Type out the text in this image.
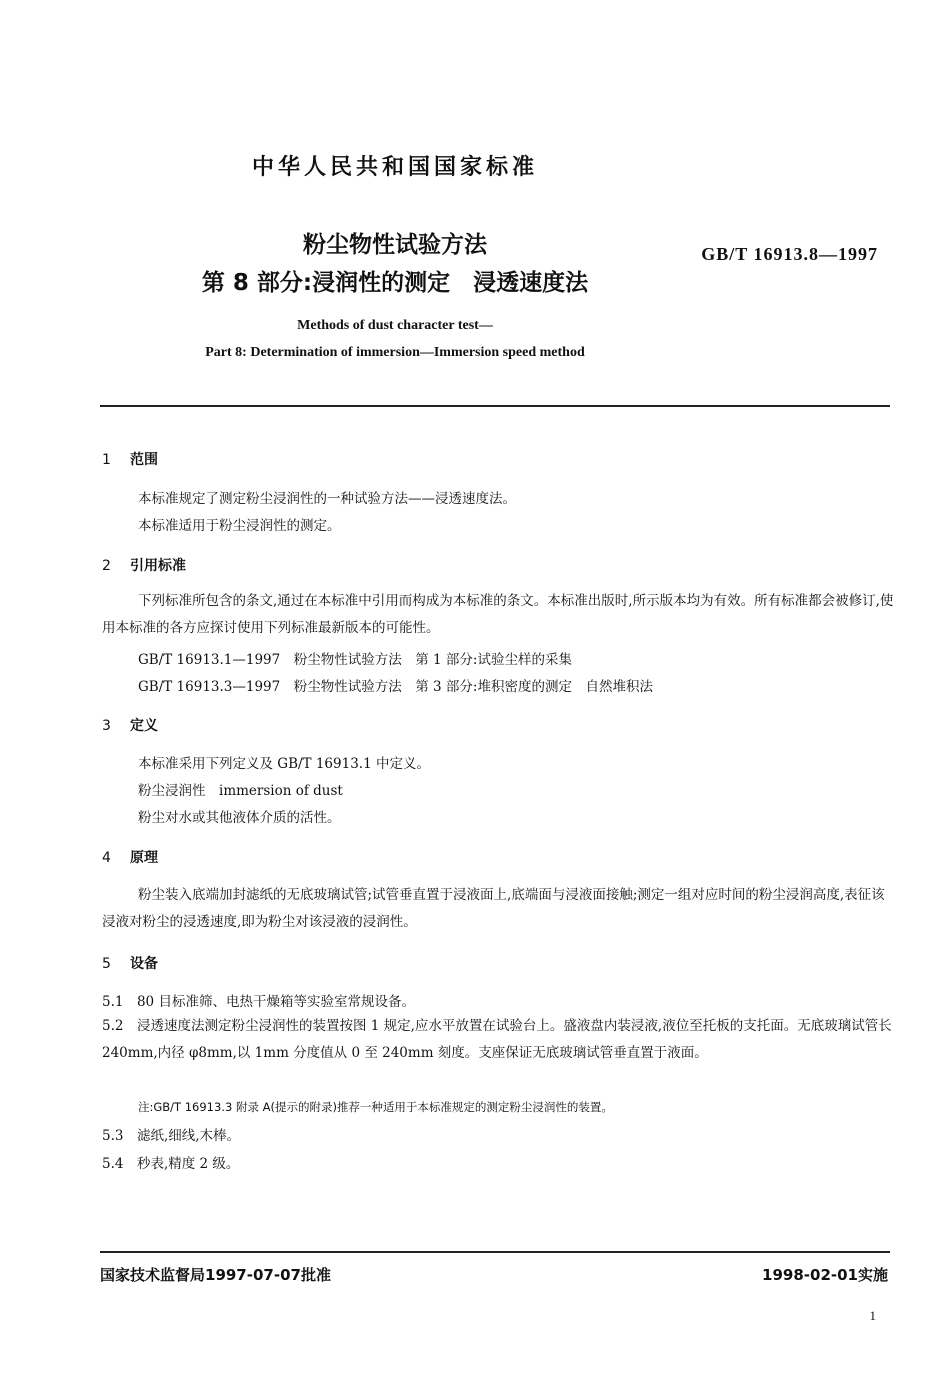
中华人民共和国国家标准
粉尘物性试验方法
第 8 部分:浸润性的测定　浸透速度法
GB/T 16913.8—1997
Methods of dust character test—
Part 8: Determination of immersion—Immersion speed method
1 范围
本标准规定了测定粉尘浸润性的一种试验方法——浸透速度法。
本标准适用于粉尘浸润性的测定。
2 引用标准
下列标准所包含的条文,通过在本标准中引用而构成为本标准的条文。本标准出版时,所示版本均为有效。所有标准都会被修订,使用本标准的各方应探讨使用下列标准最新版本的可能性。
GB/T 16913.1—1997　粉尘物性试验方法　第 1 部分:试验尘样的采集
GB/T 16913.3—1997　粉尘物性试验方法　第 3 部分:堆积密度的测定　自然堆积法
3 定义
本标准采用下列定义及 GB/T 16913.1 中定义。
粉尘浸润性　immersion of dust
粉尘对水或其他液体介质的活性。
4 原理
粉尘装入底端加封滤纸的无底玻璃试管;试管垂直置于浸液面上,底端面与浸液面接触;测定一组对应时间的粉尘浸润高度,表征该浸液对粉尘的浸透速度,即为粉尘对该浸液的浸润性。
5 设备
5.1　80 目标准筛、电热干燥箱等实验室常规设备。
5.2　浸透速度法测定粉尘浸润性的装置按图 1 规定,应水平放置在试验台上。盛液盘内装浸液,液位至托板的支托面。无底玻璃试管长 240mm,内径 φ8mm,以 1mm 分度值从 0 至 240mm 刻度。支座保证无底玻璃试管垂直置于液面。
注:GB/T 16913.3 附录 A(提示的附录)推荐一种适用于本标准规定的测定粉尘浸润性的装置。
5.3　滤纸,细线,木棒。
5.4　秒表,精度 2 级。
国家技术监督局1997-07-07批准	1998-02-01实施
1
